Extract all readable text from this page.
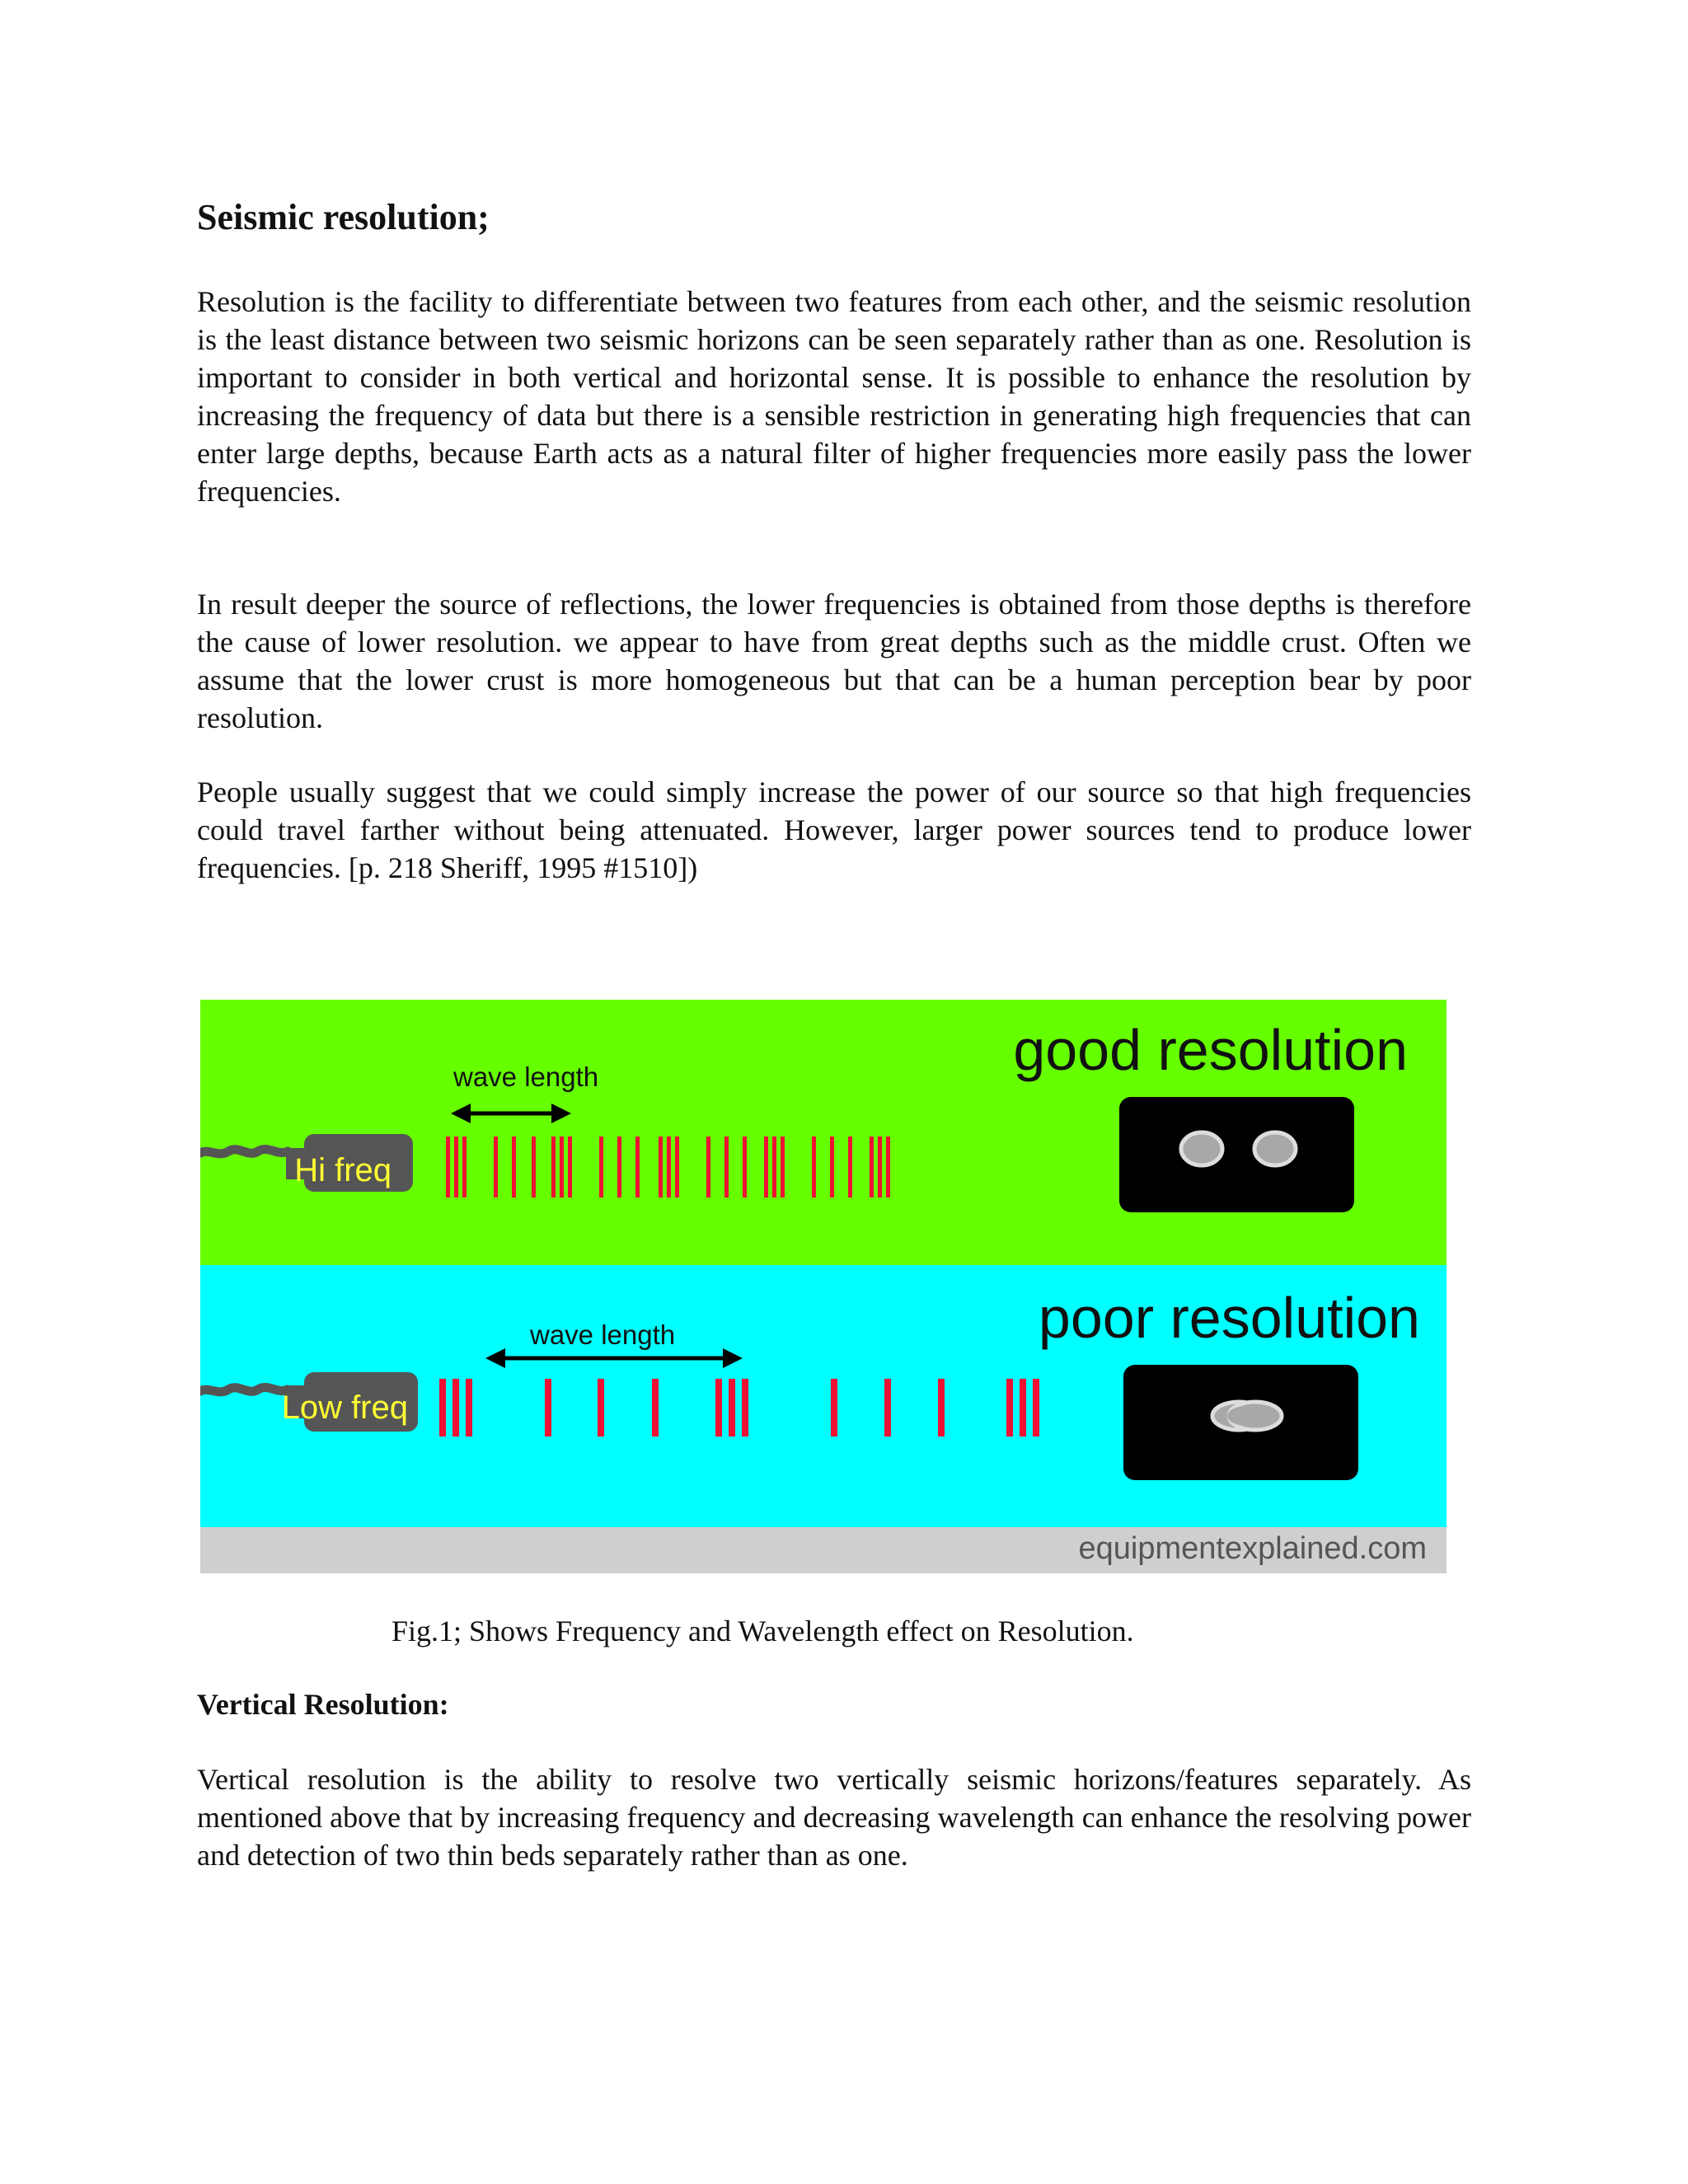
Seismic resolution;

Resolution is the facility to differentiate between two features from each other, and the seismic resolution is the least distance between two seismic horizons can be seen separately rather than as one. Resolution is important to consider in both vertical and horizontal sense. It is possible to enhance the resolution by increasing the frequency of data but there is a sensible restriction in generating high frequencies that can enter large depths, because Earth acts as a natural filter of higher frequencies more easily pass the lower frequencies.

In result deeper the source of reflections, the lower frequencies is obtained from those depths is therefore the cause of lower resolution. we appear to have from great depths such as the middle crust. Often we assume that the lower crust is more homogeneous but that can be a human perception bear by poor resolution.

People usually suggest that we could simply increase the power of our source so that high frequencies could travel farther without being attenuated. However, larger power sources tend to produce lower frequencies. [p. 218 Sheriff, 1995 #1510])

good resolution
wave length
Hi freq
poor resolution
wave length
Low freq
equipmentexplained.com

Fig.1; Shows Frequency and Wavelength effect on Resolution.

Vertical Resolution:

Vertical resolution is the ability to resolve two vertically seismic horizons/features separately. As mentioned above that by increasing frequency and decreasing wavelength can enhance the resolving power and detection of two thin beds separately rather than as one.
